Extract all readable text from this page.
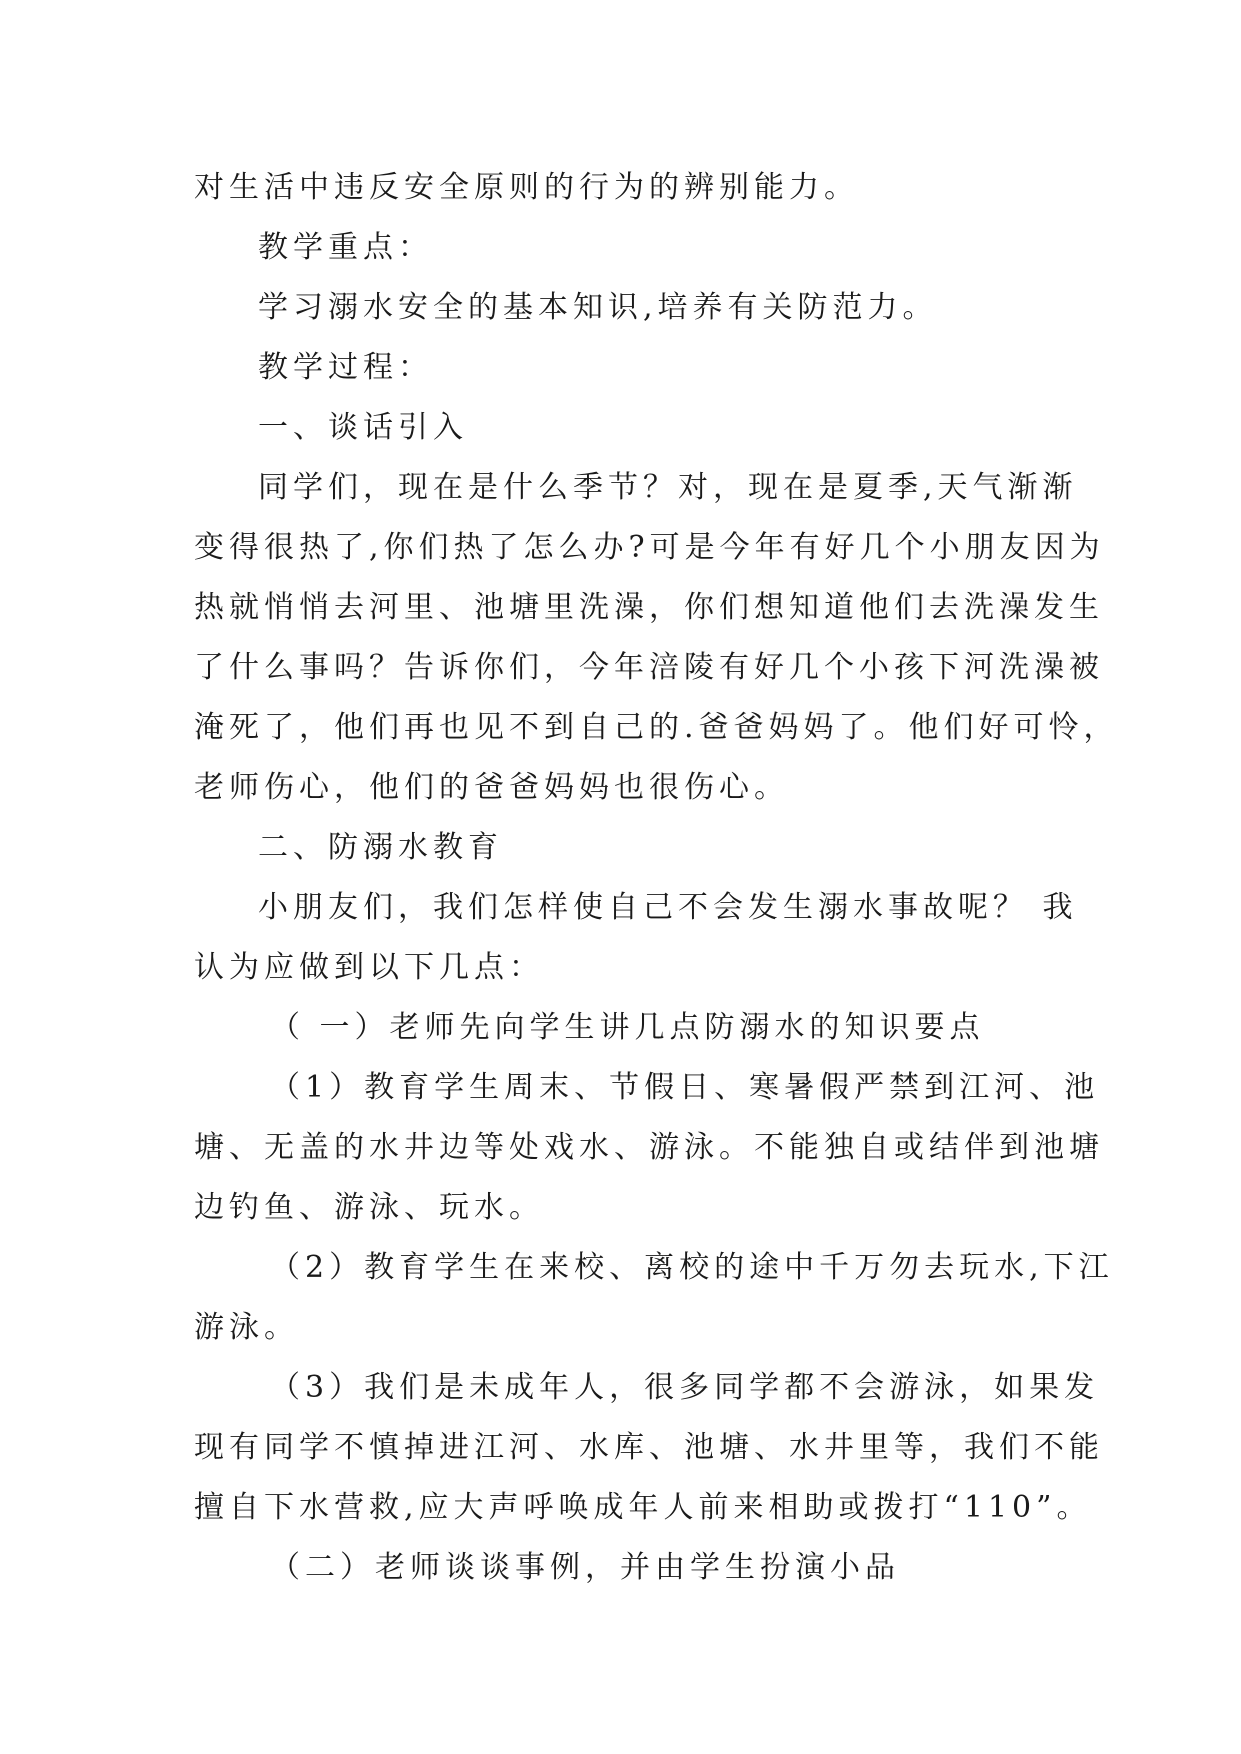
对生活中违反安全原则的行为的辨别能力。
教学重点：
学习溺水安全的基本知识,培养有关防范力。
教学过程：
一、谈话引入
同学们，现在是什么季节？对，现在是夏季,天气渐渐
变得很热了,你们热了怎么办?可是今年有好几个小朋友因为
热就悄悄去河里、池塘里洗澡，你们想知道他们去洗澡发生
了什么事吗？告诉你们，今年涪陵有好几个小孩下河洗澡被
淹死了，他们再也见不到自己的.爸爸妈妈了。他们好可怜，
老师伤心，他们的爸爸妈妈也很伤心。
二、防溺水教育
小朋友们，我们怎样使自己不会发生溺水事故呢？ 我
认为应做到以下几点：
（ 一）老师先向学生讲几点防溺水的知识要点
（1）教育学生周末、节假日、寒暑假严禁到江河、池
塘、无盖的水井边等处戏水、游泳。不能独自或结伴到池塘
边钓鱼、游泳、玩水。
（2）教育学生在来校、离校的途中千万勿去玩水,下江
游泳。
（3）我们是未成年人，很多同学都不会游泳，如果发
现有同学不慎掉进江河、水库、池塘、水井里等，我们不能
擅自下水营救,应大声呼唤成年人前来相助或拨打“110”。
（二）老师谈谈事例，并由学生扮演小品
